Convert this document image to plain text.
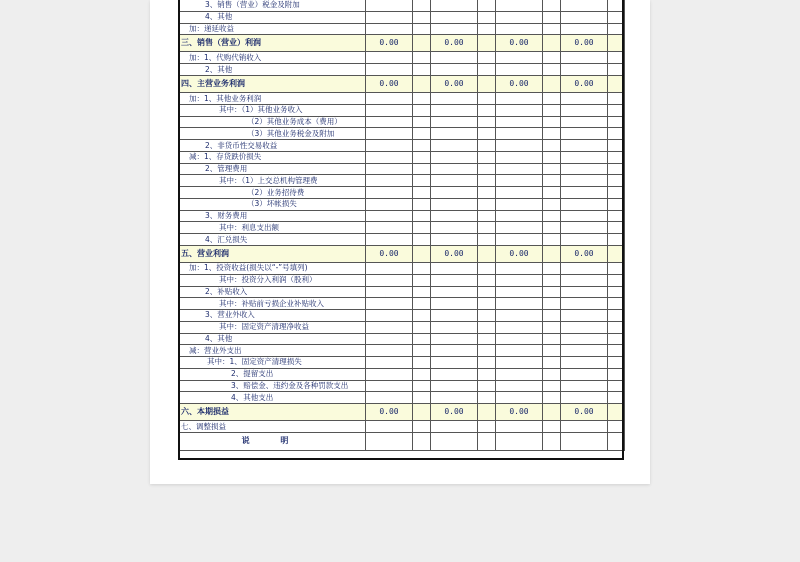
3、销售（营业）税金及附加								
4、其他								
加：递延收益								
三、销售（营业）利润	0.00		0.00		0.00		0.00	
加：1、代购代销收入								
2、其他								
四、主营业务利润	0.00		0.00		0.00		0.00	
加：1、其他业务利润								
其中：（1）其他业务收入								
（2）其他业务成本（费用）								
（3）其他业务税金及附加								
2、非货币性交易收益								
减：1、存货跌价损失								
2、管理费用								
其中：（1）上交总机构管理费								
（2）业务招待费								
（3）坏帐损失								
3、财务费用								
其中：利息支出额								
4、汇兑损失								
五、营业利润	0.00		0.00		0.00		0.00	
加：1、投资收益(损失以“-”号填列)								
其中：投资分入利润（股利）								
2、补贴收入								
其中：补贴前亏损企业补贴收入								
3、营业外收入								
其中：固定资产清理净收益								
4、其他								
减：营业外支出								
其中：1、固定资产清理损失								
2、提留支出								
3、赔偿金、违约金及各种罚款支出								
4、其他支出								
六、本期损益	0.00		0.00		0.00		0.00	
七、调整损益								
说 明								
